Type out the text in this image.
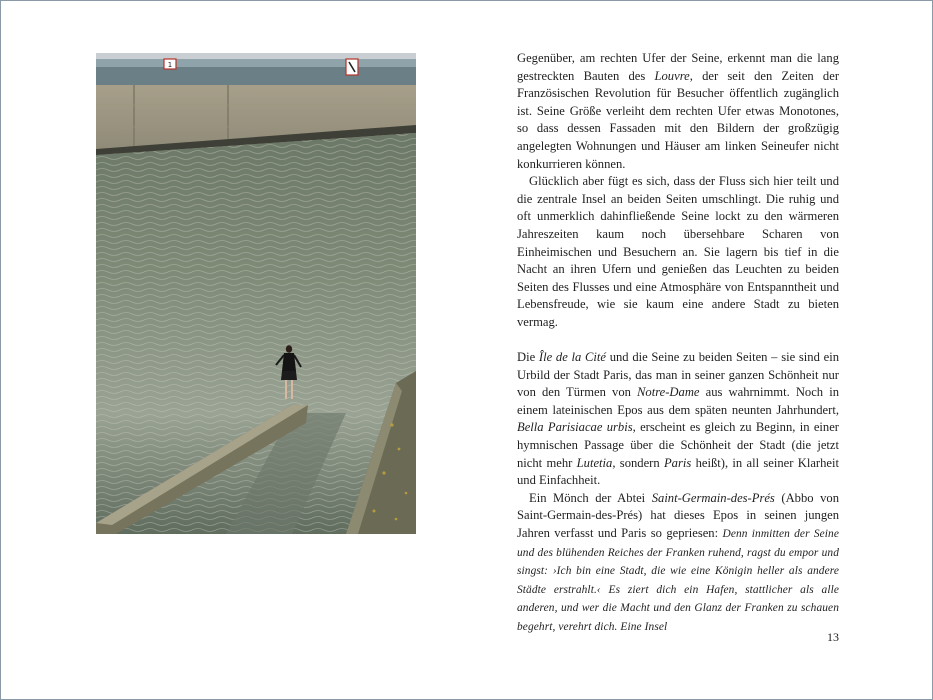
1	Gegenüber, am rechten Ufer der Seine, erkennt man die lang gestreckten Bauten des Louvre, der seit den Zeiten der Französischen Revolution für Besucher öffentlich zugänglich ist. Seine Größe verleiht dem rechten Ufer etwas Monotones, so dass dessen Fassaden mit den Bildern der großzügig angelegten Wohnungen und Häuser am linken Seineufer nicht konkurrieren können.

Glücklich aber fügt es sich, dass der Fluss sich hier teilt und die zentrale Insel an beiden Seiten umschlingt. Die ruhig und oft unmerklich dahinfließende Seine lockt zu den wärmeren Jahreszeiten kaum noch übersehbare Scharen von Einheimischen und Besuchern an. Sie lagern bis tief in die Nacht an ihren Ufern und genießen das Leuchten zu beiden Seiten des Flusses und eine Atmosphäre von Entspanntheit und Lebensfreude, wie sie kaum eine andere Stadt zu bieten vermag.

Die Île de la Cité und die Seine zu beiden Seiten – sie sind ein Urbild der Stadt Paris, das man in seiner ganzen Schönheit nur von den Türmen von Notre-Dame aus wahrnimmt. Noch in einem lateinischen Epos aus dem späten neunten Jahrhundert, Bella Parisiacae urbis, erscheint es gleich zu Beginn, in einer hymnischen Passage über die Schönheit der Stadt (die jetzt nicht mehr Lutetia, sondern Paris heißt), in all seiner Klarheit und Einfachheit.

Ein Mönch der Abtei Saint-Germain-des-Prés (Abbo von Saint-Germain-des-Prés) hat dieses Epos in seinen jungen Jahren verfasst und Paris so gepriesen: Denn inmitten der Seine und des blühenden Reiches der Franken ruhend, ragst du empor und singst: ›Ich bin eine Stadt, die wie eine Königin heller als andere Städte erstrahlt.‹ Es ziert dich ein Hafen, stattlicher als alle anderen, und wer die Macht und den Glanz der Franken zu schauen begehrt, verehrt dich. Eine Insel

13
